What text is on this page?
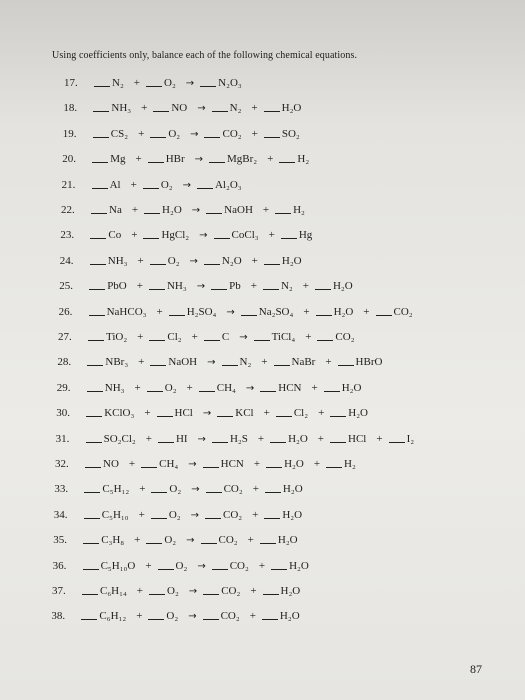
Using coefficients only, balance each of the following chemical equations.
17.	N₂ + O₂ → N₂O₃
18.	NH₃ + NO → N₂ + H₂O
19.	CS₂ + O₂ → CO₂ + SO₂
20.	Mg + HBr → MgBr₂ + H₂
21.	Al + O₂ → Al₂O₃
22.	Na + H₂O → NaOH + H₂
23.	Co + HgCl₂ → CoCl₃ + Hg
24.	NH₃ + O₂ → N₂O + H₂O
25.	PbO + NH₃ → Pb + N₂ + H₂O
26.	NaHCO₃ + H₂SO₄ → Na₂SO₄ + H₂O + CO₂
27.	TiO₂ + Cl₂ + C → TiCl₄ + CO₂
28.	NBr₃ + NaOH → N₂ + NaBr + HBrO
29.	NH₃ + O₂ + CH₄ → HCN + H₂O
30.	KClO₃ + HCl → KCl + Cl₂ + H₂O
31.	SO₂Cl₂ + HI → H₂S + H₂O + HCl + I₂
32.	NO + CH₄ → HCN + H₂O + H₂
33.	C₅H₁₂ + O₂ → CO₂ + H₂O
34.	C₅H₁₀ + O₂ → CO₂ + H₂O
35.	C₃H₈ + O₂ → CO₂ + H₂O
36.	C₅H₁₀O + O₂ → CO₂ + H₂O
37.	C₆H₁₄ + O₂ → CO₂ + H₂O
38.	C₆H₁₂ + O₂ → CO₂ + H₂O
87
